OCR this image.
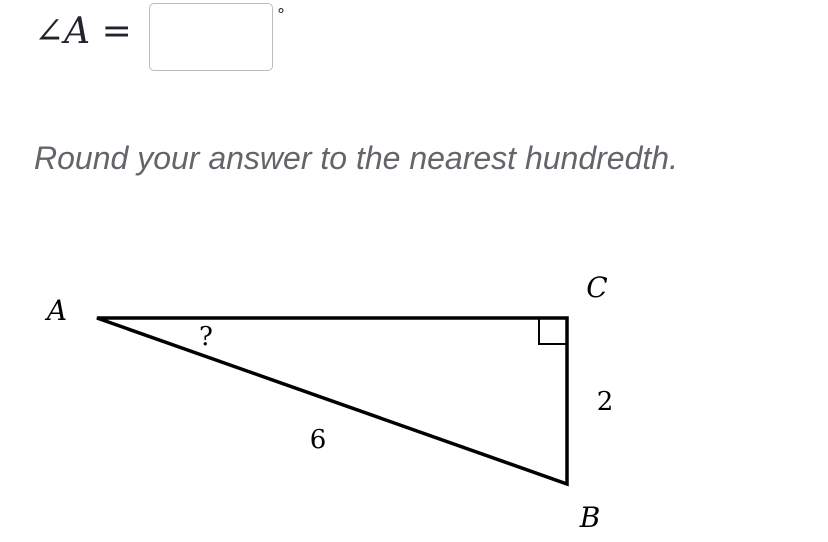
∠A =	°
Round your answer to the nearest hundredth.
A
C
B
?
6
2
